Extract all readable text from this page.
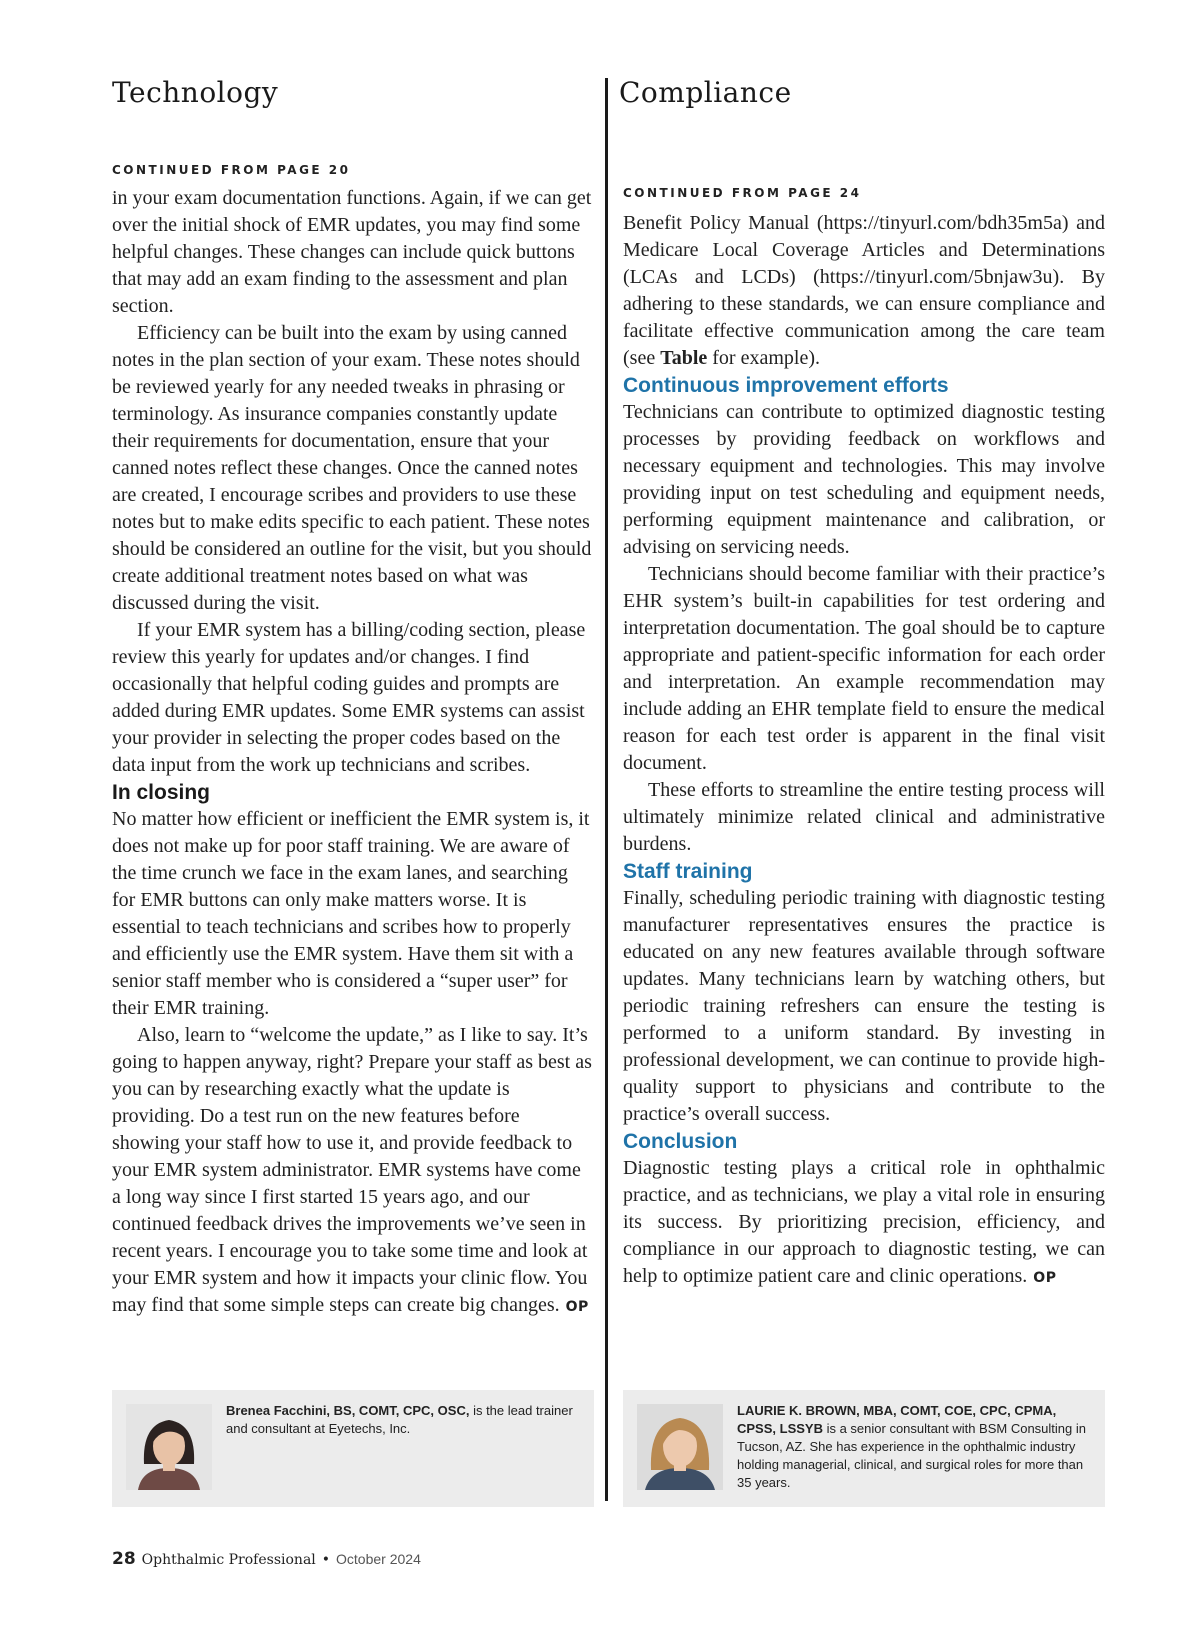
Technology
CONTINUED FROM PAGE 20

in your exam documentation functions. Again, if we can get over the initial shock of EMR updates, you may find some helpful changes. These changes can include quick buttons that may add an exam finding to the assessment and plan section.

Efficiency can be built into the exam by using canned notes in the plan section of your exam. These notes should be reviewed yearly for any needed tweaks in phrasing or terminology. As insurance companies constantly update their requirements for documentation, ensure that your canned notes reflect these changes. Once the canned notes are created, I encourage scribes and providers to use these notes but to make edits specific to each patient. These notes should be considered an outline for the visit, but you should create additional treatment notes based on what was discussed during the visit.

If your EMR system has a billing/coding section, please review this yearly for updates and/or changes. I find occasionally that helpful coding guides and prompts are added during EMR updates. Some EMR systems can assist your provider in selecting the proper codes based on the data input from the work up technicians and scribes.

In closing

No matter how efficient or inefficient the EMR system is, it does not make up for poor staff training. We are aware of the time crunch we face in the exam lanes, and searching for EMR buttons can only make matters worse. It is essential to teach technicians and scribes how to properly and efficiently use the EMR system. Have them sit with a senior staff member who is considered a “super user” for their EMR training.

Also, learn to “welcome the update,” as I like to say. It’s going to happen anyway, right? Prepare your staff as best as you can by researching exactly what the update is providing. Do a test run on the new features before showing your staff how to use it, and provide feedback to your EMR system administrator. EMR systems have come a long way since I first started 15 years ago, and our continued feedback drives the improvements we’ve seen in recent years. I encourage you to take some time and look at your EMR system and how it impacts your clinic flow. You may find that some simple steps can create big changes. OP

Compliance
CONTINUED FROM PAGE 24

Benefit Policy Manual (https://tinyurl.com/bdh35m5a) and Medicare Local Coverage Articles and Determinations (LCAs and LCDs) (https://tinyurl.com/5bnjaw3u). By adhering to these standards, we can ensure compliance and facilitate effective communication among the care team (see Table for example).

Continuous improvement efforts

Technicians can contribute to optimized diagnostic testing processes by providing feedback on workflows and necessary equipment and technologies. This may involve providing input on test scheduling and equipment needs, performing equipment maintenance and calibration, or advising on servicing needs.

Technicians should become familiar with their practice’s EHR system’s built-in capabilities for test ordering and interpretation documentation. The goal should be to capture appropriate and patient-specific information for each order and interpretation. An example recommendation may include adding an EHR template field to ensure the medical reason for each test order is apparent in the final visit document.

These efforts to streamline the entire testing process will ultimately minimize related clinical and administrative burdens.

Staff training

Finally, scheduling periodic training with diagnostic testing manufacturer representatives ensures the practice is educated on any new features available through software updates. Many technicians learn by watching others, but periodic training refreshers can ensure the testing is performed to a uniform standard. By investing in professional development, we can continue to provide high-quality support to physicians and contribute to the practice’s overall success.

Conclusion

Diagnostic testing plays a critical role in ophthalmic practice, and as technicians, we play a vital role in ensuring its success. By prioritizing precision, efficiency, and compliance in our approach to diagnostic testing, we can help to optimize patient care and clinic operations. OP

Brenea Facchini, BS, COMT, CPC, OSC, is the lead trainer and consultant at Eyetechs, Inc.
LAURIE K. BROWN, MBA, COMT, COE, CPC, CPMA, CPSS, LSSYB is a senior consultant with BSM Consulting in Tucson, AZ. She has experience in the ophthalmic industry holding managerial, clinical, and surgical roles for more than 35 years.
28 Ophthalmic Professional • October 2024
